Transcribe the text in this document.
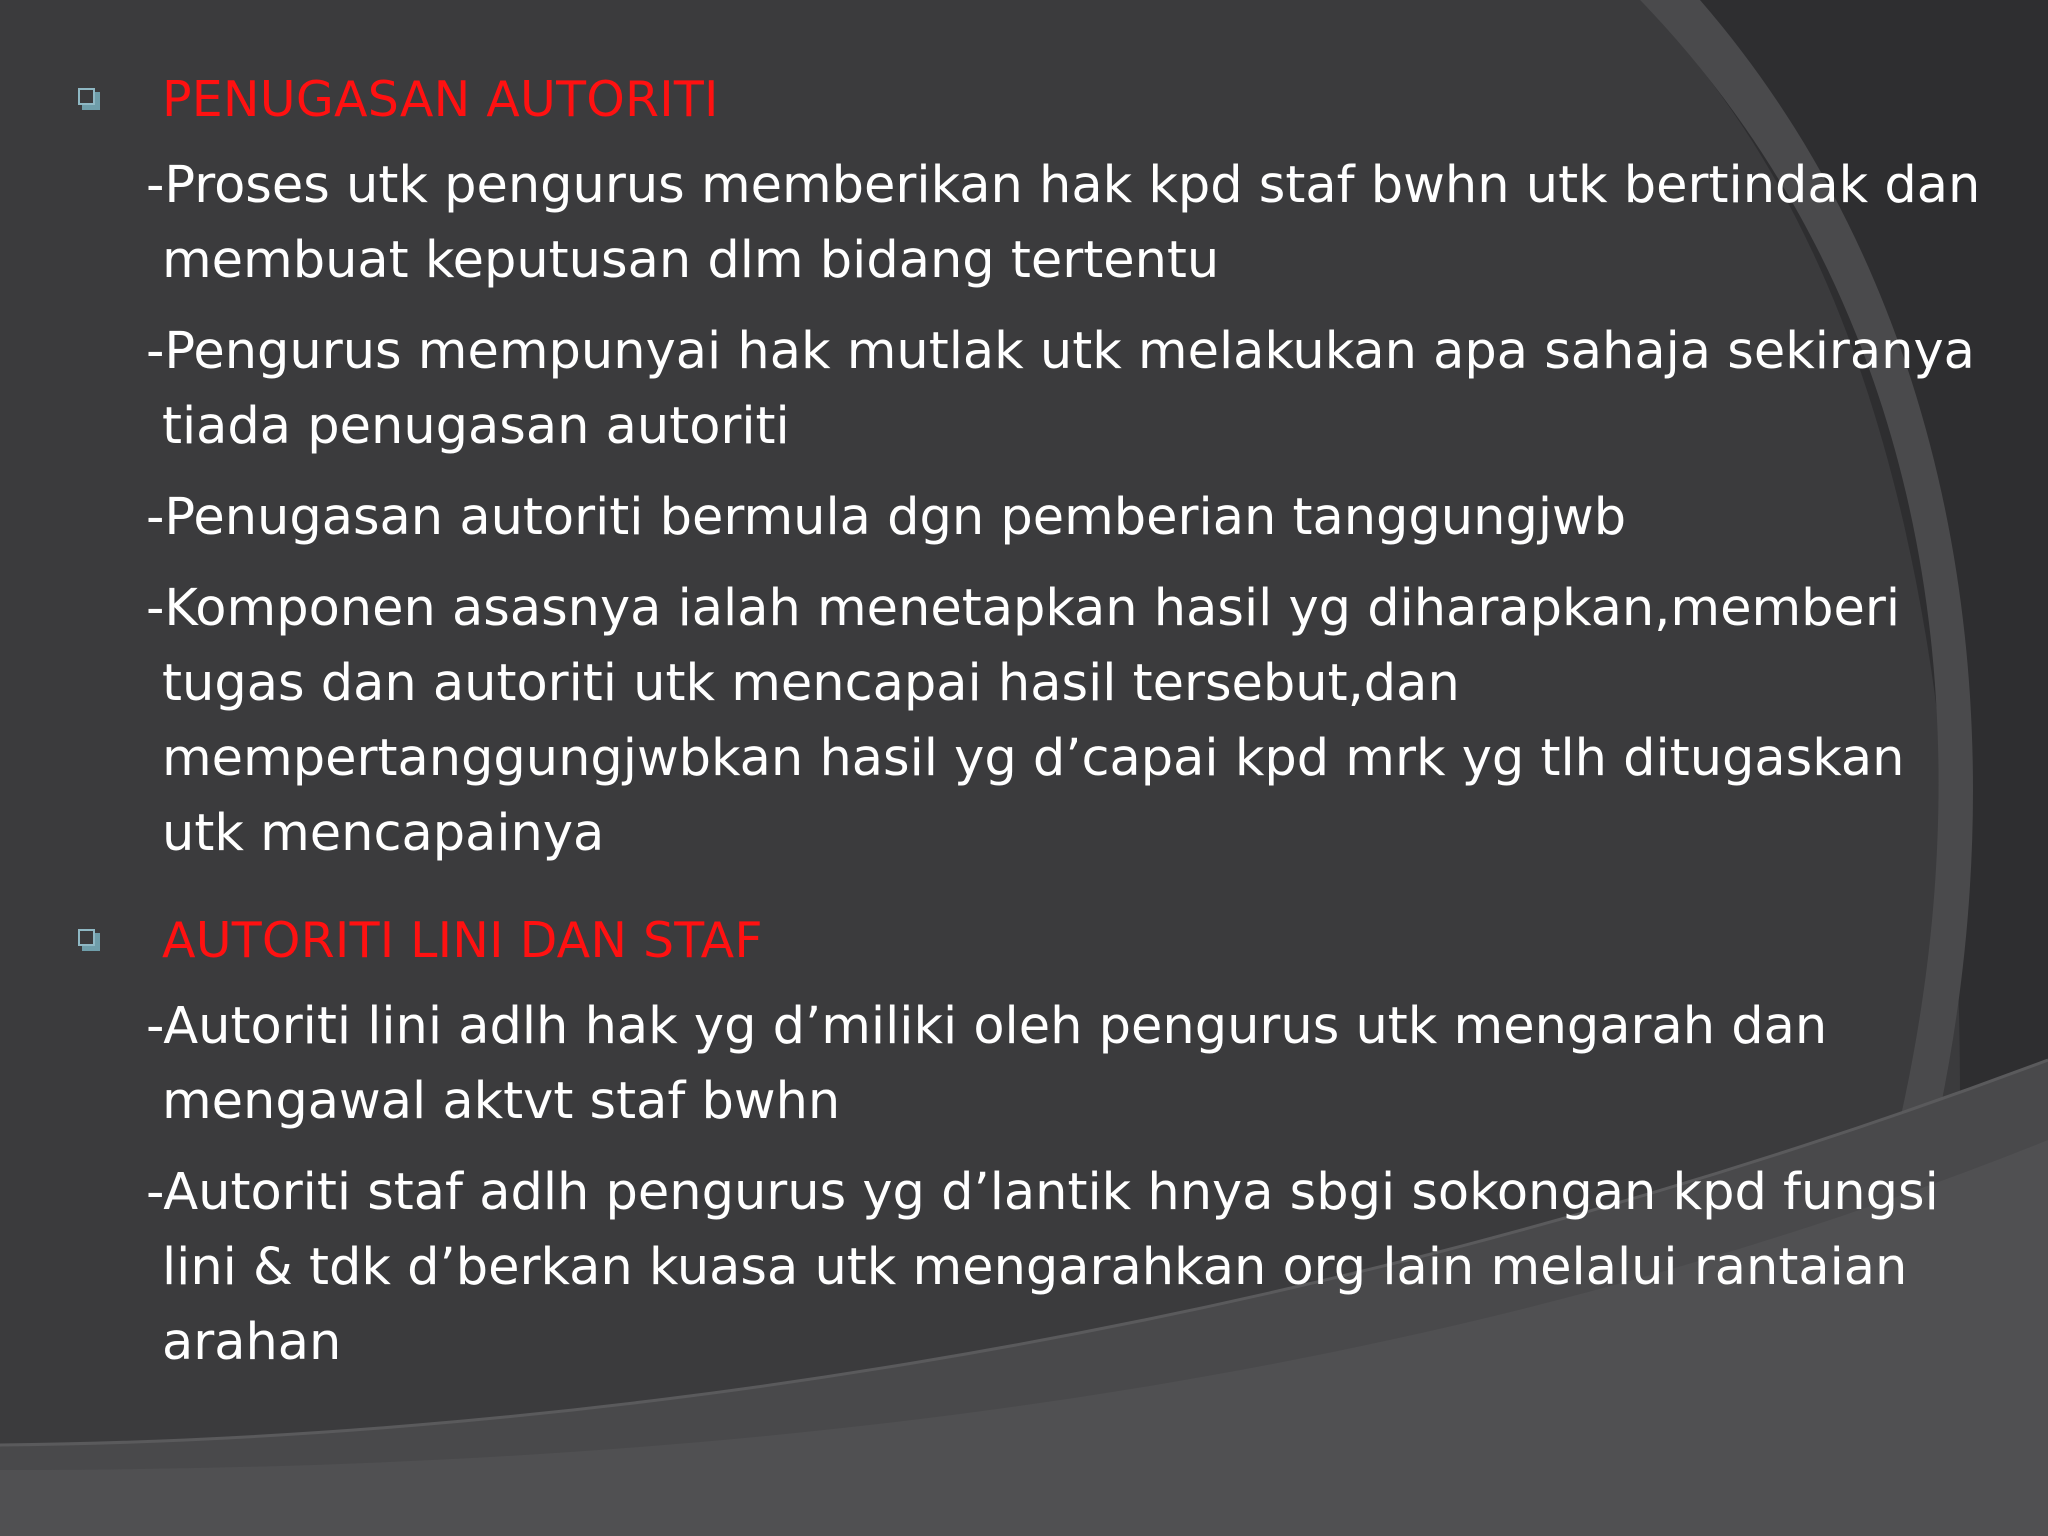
PENUGASAN AUTORITI
-Proses utk pengurus memberikan hak kpd staf bwhn utk bertindak dan membuat keputusan dlm bidang tertentu
-Pengurus mempunyai hak mutlak utk melakukan apa sahaja sekiranya tiada penugasan autoriti
-Penugasan autoriti bermula dgn pemberian tanggungjwb
-Komponen asasnya ialah menetapkan hasil yg diharapkan,memberi tugas dan autoriti utk mencapai hasil tersebut,dan mempertanggungjwbkan hasil yg d’capai kpd mrk yg tlh ditugaskan utk mencapainya
AUTORITI LINI DAN STAF
-Autoriti lini adlh hak yg d’miliki oleh pengurus utk mengarah dan mengawal aktvt staf bwhn
-Autoriti staf adlh pengurus yg d’lantik hnya sbgi sokongan kpd fungsi lini & tdk d’berkan kuasa utk mengarahkan org lain melalui rantaian arahan
